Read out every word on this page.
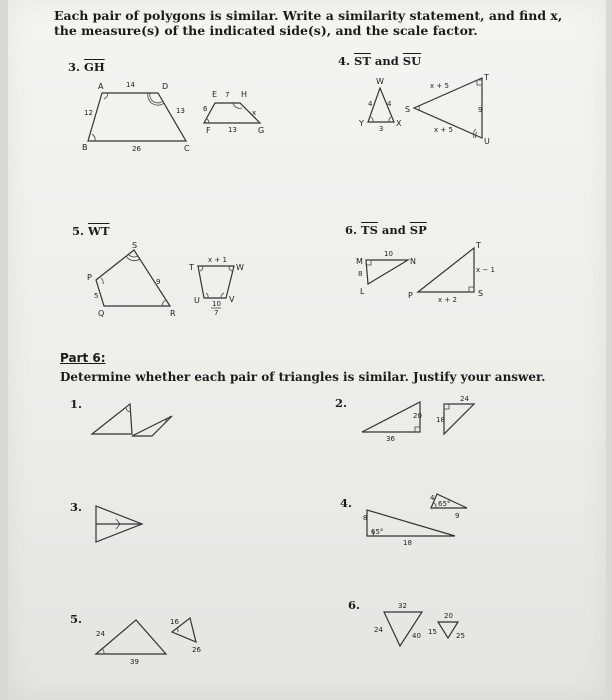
Each pair of polygons is similar. Write a similarity statement, and find x, the measure(s) of the indicated side(s), and the scale factor.
3. $\overline{GH}$	4. $\overline{ST}$ and $\overline{SU}$
5. $\overline{WT}$	6. $\overline{TS}$ and $\overline{SP}$
A	D
B	C
14
12
26
13
E	H
F	G
7
6
13
x
W
Y	X
4 4
3
S
T
U
x + 5
9
x + 5
P
S
Q	R
5
9
T	W
U	V
x + 1
10
7
M	N
L
10
8
T
P	S
x − 1
x + 2
Part 6:
Determine whether each pair of triangles is similar. Justify your answer.
1.	2.
3.	4.
5.
6.
20
36
24
18
8
65°
18
4
65°
9
24
39
16
26
32
24
40
20
15	25
